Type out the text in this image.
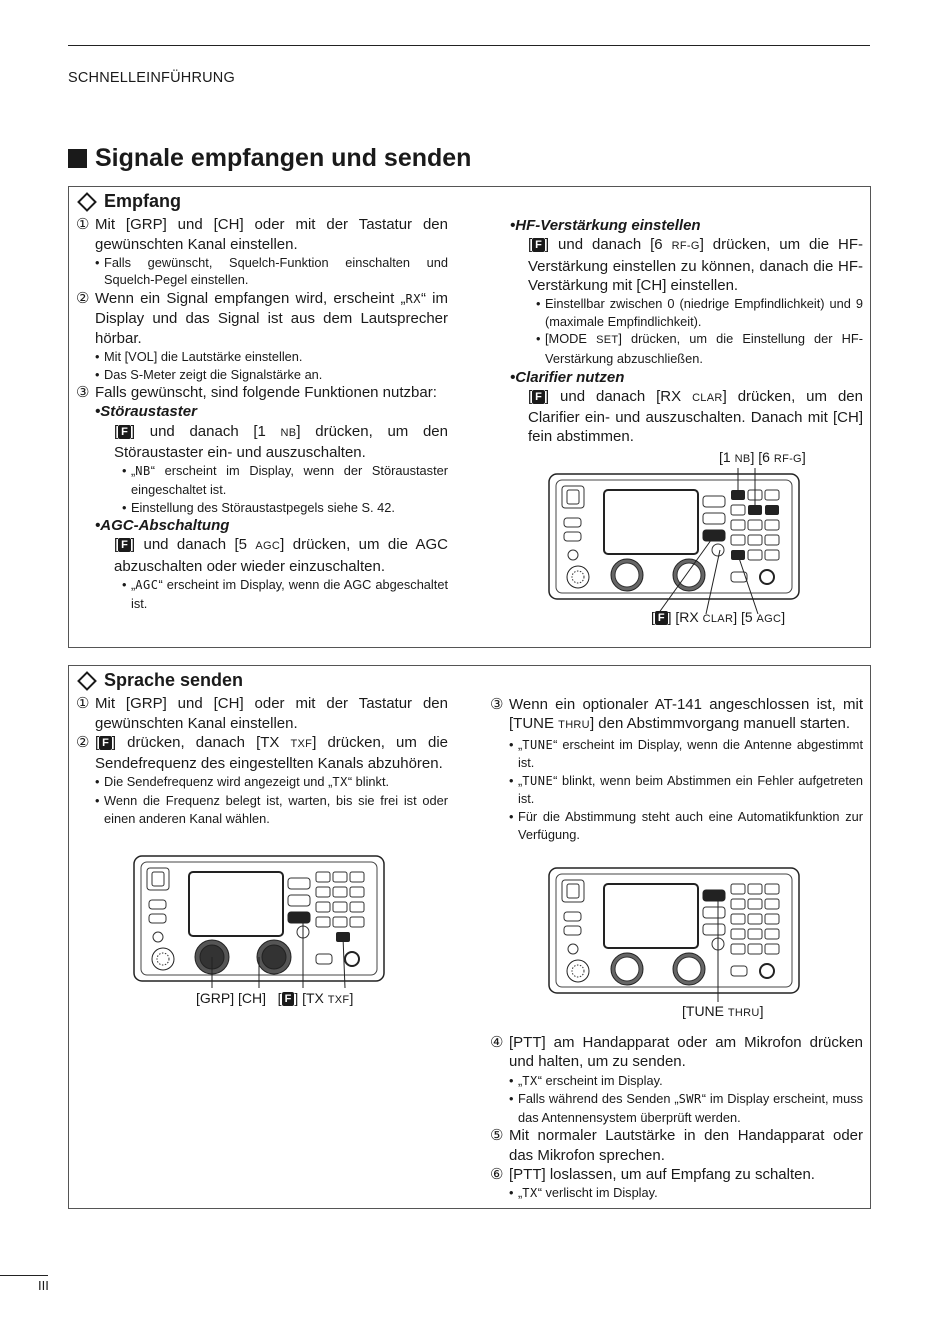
SCHNELLEINFÜHRUNG
Signale empfangen und senden
Empfang
① Mit [GRP] und [CH] oder mit der Tastatur den gewünschten Kanal einstellen.
• Falls gewünscht, Squelch-Funktion einschalten und Squelch-Pegel einstellen.
② Wenn ein Signal empfangen wird, erscheint „RX“ im Display und das Signal ist aus dem Lautsprecher hörbar.
• Mit [VOL] die Lautstärke einstellen.
• Das S-Meter zeigt die Signalstärke an.
③ Falls gewünscht, sind folgende Funktionen nutzbar:
•Störaustaster
[ F ] und danach [1 NB] drücken, um den Störaustaster ein- und auszuschalten.
• „NB“ erscheint im Display, wenn der Störaustaster eingeschaltet ist.
• Einstellung des Störaustastpegels siehe S. 42.
•AGC-Abschaltung
[ F ] und danach [5 AGC] drücken, um die AGC abzuschalten oder wieder einzuschalten.
• „AGC“ erscheint im Display, wenn die AGC abgeschaltet ist.
•HF-Verstärkung einstellen
[ F ] und danach [6 RF-G] drücken, um die HF-Verstärkung einstellen zu können, danach die HF-Verstärkung mit [CH] einstellen.
• Einstellbar zwischen 0 (niedrige Empfindlichkeit) und 9 (maximale Empfindlichkeit).
• [MODE SET] drücken, um die Einstellung der HF-Verstärkung abzuschließen.
•Clarifier nutzen
[ F ] und danach [RX CLAR] drücken, um den Clarifier ein- und auszuschalten. Danach mit [CH] fein abstimmen.
[1 NB] [6 RF-G]
[ F ] [RX CLAR] [5 AGC]
Sprache senden
① Mit [GRP] und [CH] oder mit der Tastatur den gewünschten Kanal einstellen.
② [ F ] drücken, danach [TX TXF] drücken, um die Sendefrequenz des eingestellten Kanals abzuhören.
• Die Sendefrequenz wird angezeigt und „TX“ blinkt.
• Wenn die Frequenz belegt ist, warten, bis sie frei ist oder einen anderen Kanal wählen.
[GRP] [CH]   [ F ] [TX TXF]
③ Wenn ein optionaler AT-141 angeschlossen ist, mit [TUNE THRU] den Abstimmvorgang manuell starten.
• „TUNE“ erscheint im Display, wenn die Antenne abgestimmt ist.
• „TUNE“ blinkt, wenn beim Abstimmen ein Fehler aufgetreten ist.
• Für die Abstimmung steht auch eine Automatikfunktion zur Verfügung.
[TUNE THRU]
④ [PTT] am Handapparat oder am Mikrofon drücken und halten, um zu senden.
• „TX“ erscheint im Display.
• Falls während des Senden „SWR“ im Display erscheint, muss das Antennensystem überprüft werden.
⑤ Mit normaler Lautstärke in den Handapparat oder das Mikrofon sprechen.
⑥ [PTT] loslassen, um auf Empfang zu schalten.
• „TX“ verlischt im Display.
III
